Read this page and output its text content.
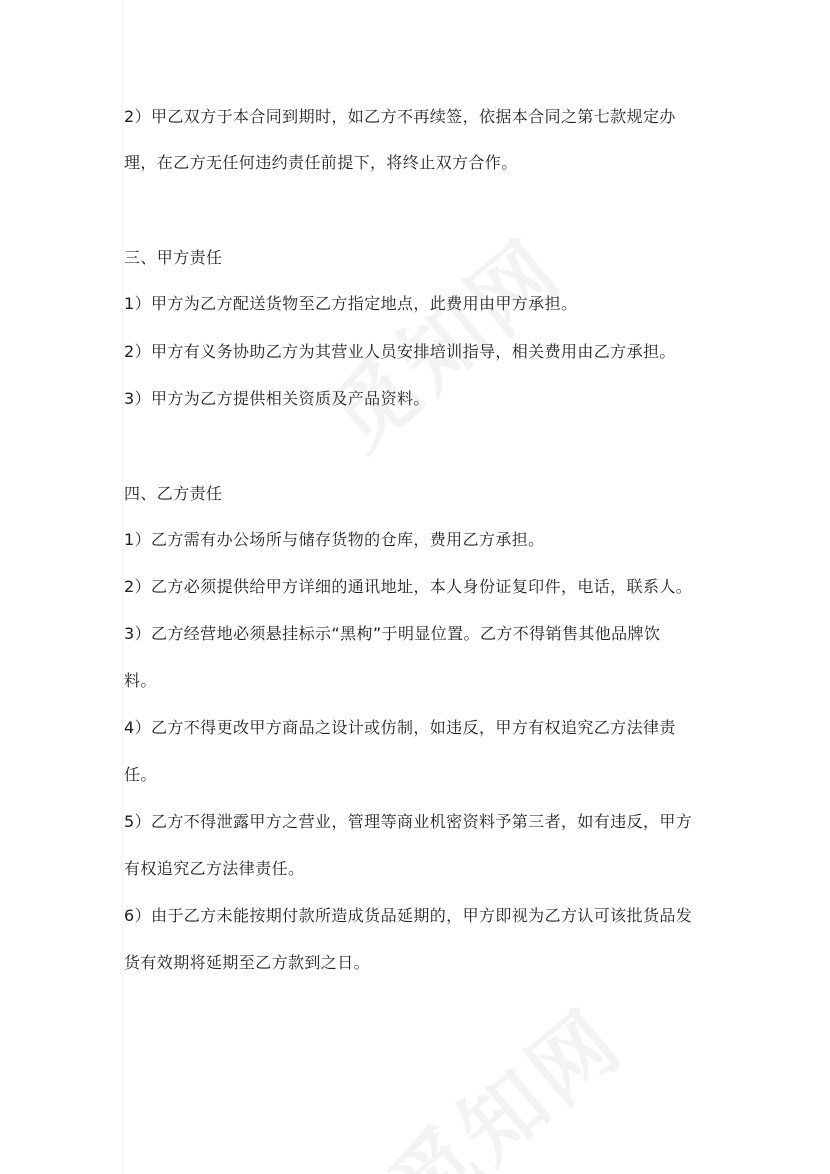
2）甲乙双方于本合同到期时，如乙方不再续签，依据本合同之第七款规定办
理，在乙方无任何违约责任前提下，将终止双方合作。
三、甲方责任
1）甲方为乙方配送货物至乙方指定地点，此费用由甲方承担。
2）甲方有义务协助乙方为其营业人员安排培训指导，相关费用由乙方承担。
3）甲方为乙方提供相关资质及产品资料。
四、乙方责任
1）乙方需有办公场所与储存货物的仓库，费用乙方承担。
2）乙方必须提供给甲方详细的通讯地址，本人身份证复印件，电话，联系人。
3）乙方经营地必须悬挂标示“黑枸”于明显位置。乙方不得销售其他品牌饮
料。
4）乙方不得更改甲方商品之设计或仿制，如违反，甲方有权追究乙方法律责
任。
5）乙方不得泄露甲方之营业，管理等商业机密资料予第三者，如有违反，甲方
有权追究乙方法律责任。
6）由于乙方未能按期付款所造成货品延期的，甲方即视为乙方认可该批货品发
货有效期将延期至乙方款到之日。
